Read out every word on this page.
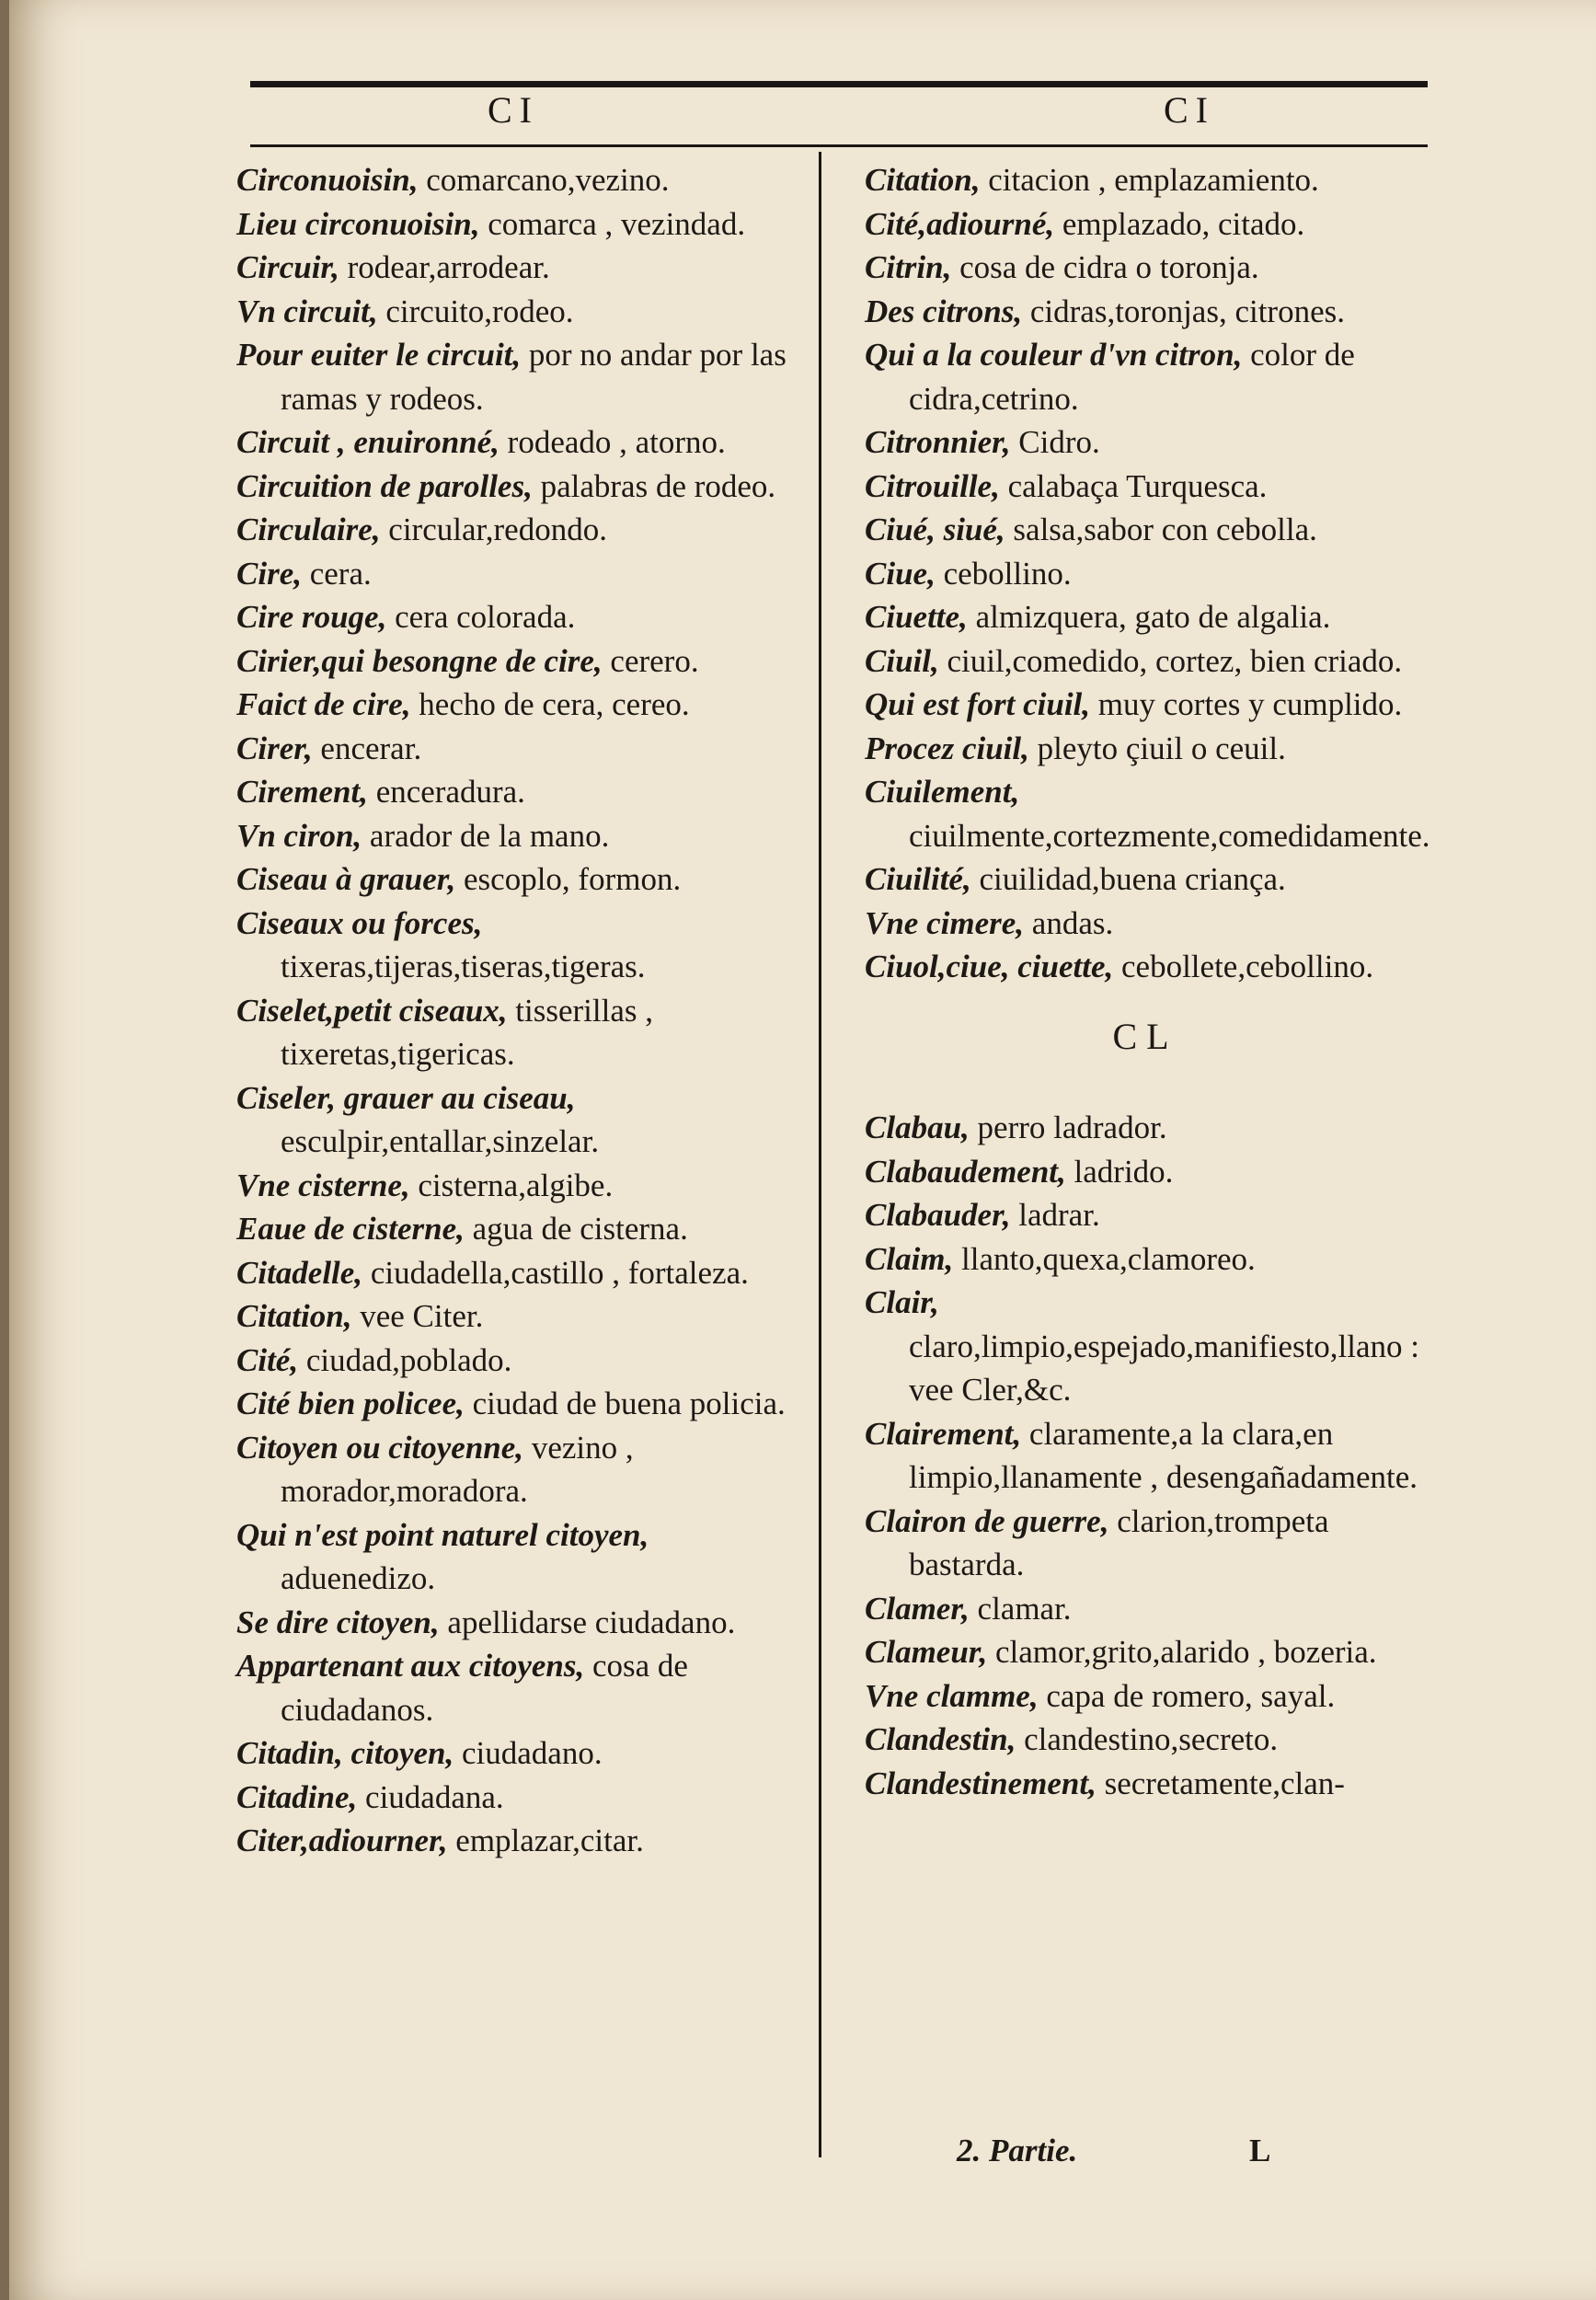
CI	CI
Circonuoisin, comarcano,vezino.
Lieu circonuoisin, comarca , vezindad.
Circuir, rodear,arrodear.
Vn circuit, circuito,rodeo.
Pour euiter le circuit, por no andar por las ramas y rodeos.
Circuit , enuironné, rodeado , atorno.
Circuition de parolles, palabras de rodeo.
Circulaire, circular,redondo.
Cire, cera.
Cire rouge, cera colorada.
Cirier,qui besongne de cire, cerero.
Faict de cire, hecho de cera, cereo.
Cirer, encerar.
Cirement, enceradura.
Vn ciron, arador de la mano.
Ciseau à grauer, escoplo, formon.
Ciseaux ou forces, tixeras,tijeras,tiseras,tigeras.
Ciselet,petit ciseaux, tisserillas , tixeretas,tigericas.
Ciseler, grauer au ciseau, esculpir,entallar,sinzelar.
Vne cisterne, cisterna,algibe.
Eaue de cisterne, agua de cisterna.
Citadelle, ciudadella,castillo , fortaleza.
Citation, vee Citer.
Cité, ciudad,poblado.
Cité bien policee, ciudad de buena policia.
Citoyen ou citoyenne, vezino , morador,moradora.
Qui n'est point naturel citoyen, aduenedizo.
Se dire citoyen, apellidarse ciudadano.
Appartenant aux citoyens, cosa de ciudadanos.
Citadin, citoyen, ciudadano.
Citadine, ciudadana.
Citer,adiourner, emplazar,citar.
Citation, citacion , emplazamiento.
Cité,adiourné, emplazado, citado.
Citrin, cosa de cidra o toronja.
Des citrons, cidras,toronjas, citrones.
Qui a la couleur d'vn citron, color de cidra,cetrino.
Citronnier, Cidro.
Citrouille, calabaça Turquesca.
Ciué, siué, salsa,sabor con cebolla.
Ciue, cebollino.
Ciuette, almizquera, gato de algalia.
Ciuil, ciuil,comedido, cortez, bien criado.
Qui est fort ciuil, muy cortes y cumplido.
Procez ciuil, pleyto çiuil o ceuil.
Ciuilement, ciuilmente,cortezmente,comedidamente.
Ciuilité, ciuilidad,buena criança.
Vne cimere, andas.
Ciuol,ciue, ciuette, cebollete,cebollino.
CL
Clabau, perro ladrador.
Clabaudement, ladrido.
Clabauder, ladrar.
Claim, llanto,quexa,clamoreo.
Clair, claro,limpio,espejado,manifiesto,llano : vee Cler,&c.
Clairement, claramente,a la clara,en limpio,llanamente , desengañadamente.
Clairon de guerre, clarion,trompeta bastarda.
Clamer, clamar.
Clameur, clamor,grito,alarido , bozeria.
Vne clamme, capa de romero, sayal.
Clandestin, clandestino,secreto.
Clandestinement, secretamente,clan-
2. Partie.	L
